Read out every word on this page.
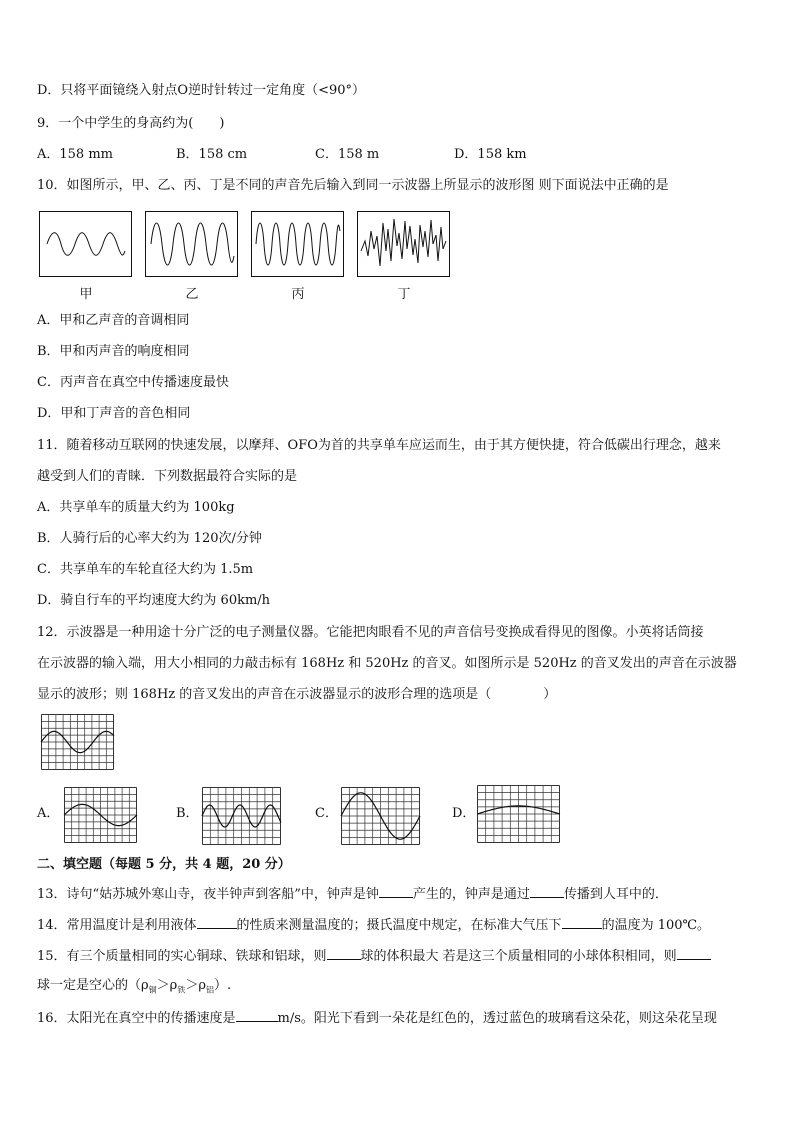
D．只将平面镜绕入射点O逆时针转过一定角度（<90°）
9．一个中学生的身高约为(　　)
A．158 mm	B．158 cm	C．158 m	D．158 km
10．如图所示，甲、乙、丙、丁是不同的声音先后输入到同一示波器上所显示的波形图 则下面说法中正确的是
甲	乙	丙	丁
A．甲和乙声音的音调相同
B．甲和丙声音的响度相同
C．丙声音在真空中传播速度最快
D．甲和丁声音的音色相同
11．随着移动互联网的快速发展，以摩拜、OFO为首的共享单车应运而生，由于其方便快捷，符合低碳出行理念，越来
越受到人们的青睐．下列数据最符合实际的是
A．共享单车的质量大约为 100kg
B．人骑行后的心率大约为 120次/分钟
C．共享单车的车轮直径大约为 1.5m
D．骑自行车的平均速度大约为 60km/h
12．示波器是一种用途十分广泛的电子测量仪器。它能把肉眼看不见的声音信号变换成看得见的图像。小英将话筒接
在示波器的输入端，用大小相同的力敲击标有 168Hz 和 520Hz 的音叉。如图所示是 520Hz 的音叉发出的声音在示波器
显示的波形；则 168Hz 的音叉发出的声音在示波器显示的波形合理的选项是（　　　　）
A．	B．	C．	D．
二、填空题（每题 5 分，共 4 题，20 分）
13．诗句“姑苏城外寒山寺，夜半钟声到客船”中，钟声是钟	产生的，钟声是通过	传播到人耳中的．
14．常用温度计是利用液体	的性质来测量温度的；摄氏温度中规定，在标准大气压下	的温度为 100℃。
15．有三个质量相同的实心铜球、铁球和铝球，则	球的体积最大 若是这三个质量相同的小球体积相同，则
球一定是空心的$(\rho_铜>\rho_铁>\rho_铝)$.
16．太阳光在真空中的传播速度是	m/s。阳光下看到一朵花是红色的，透过蓝色的玻璃看这朵花，则这朵花呈现
